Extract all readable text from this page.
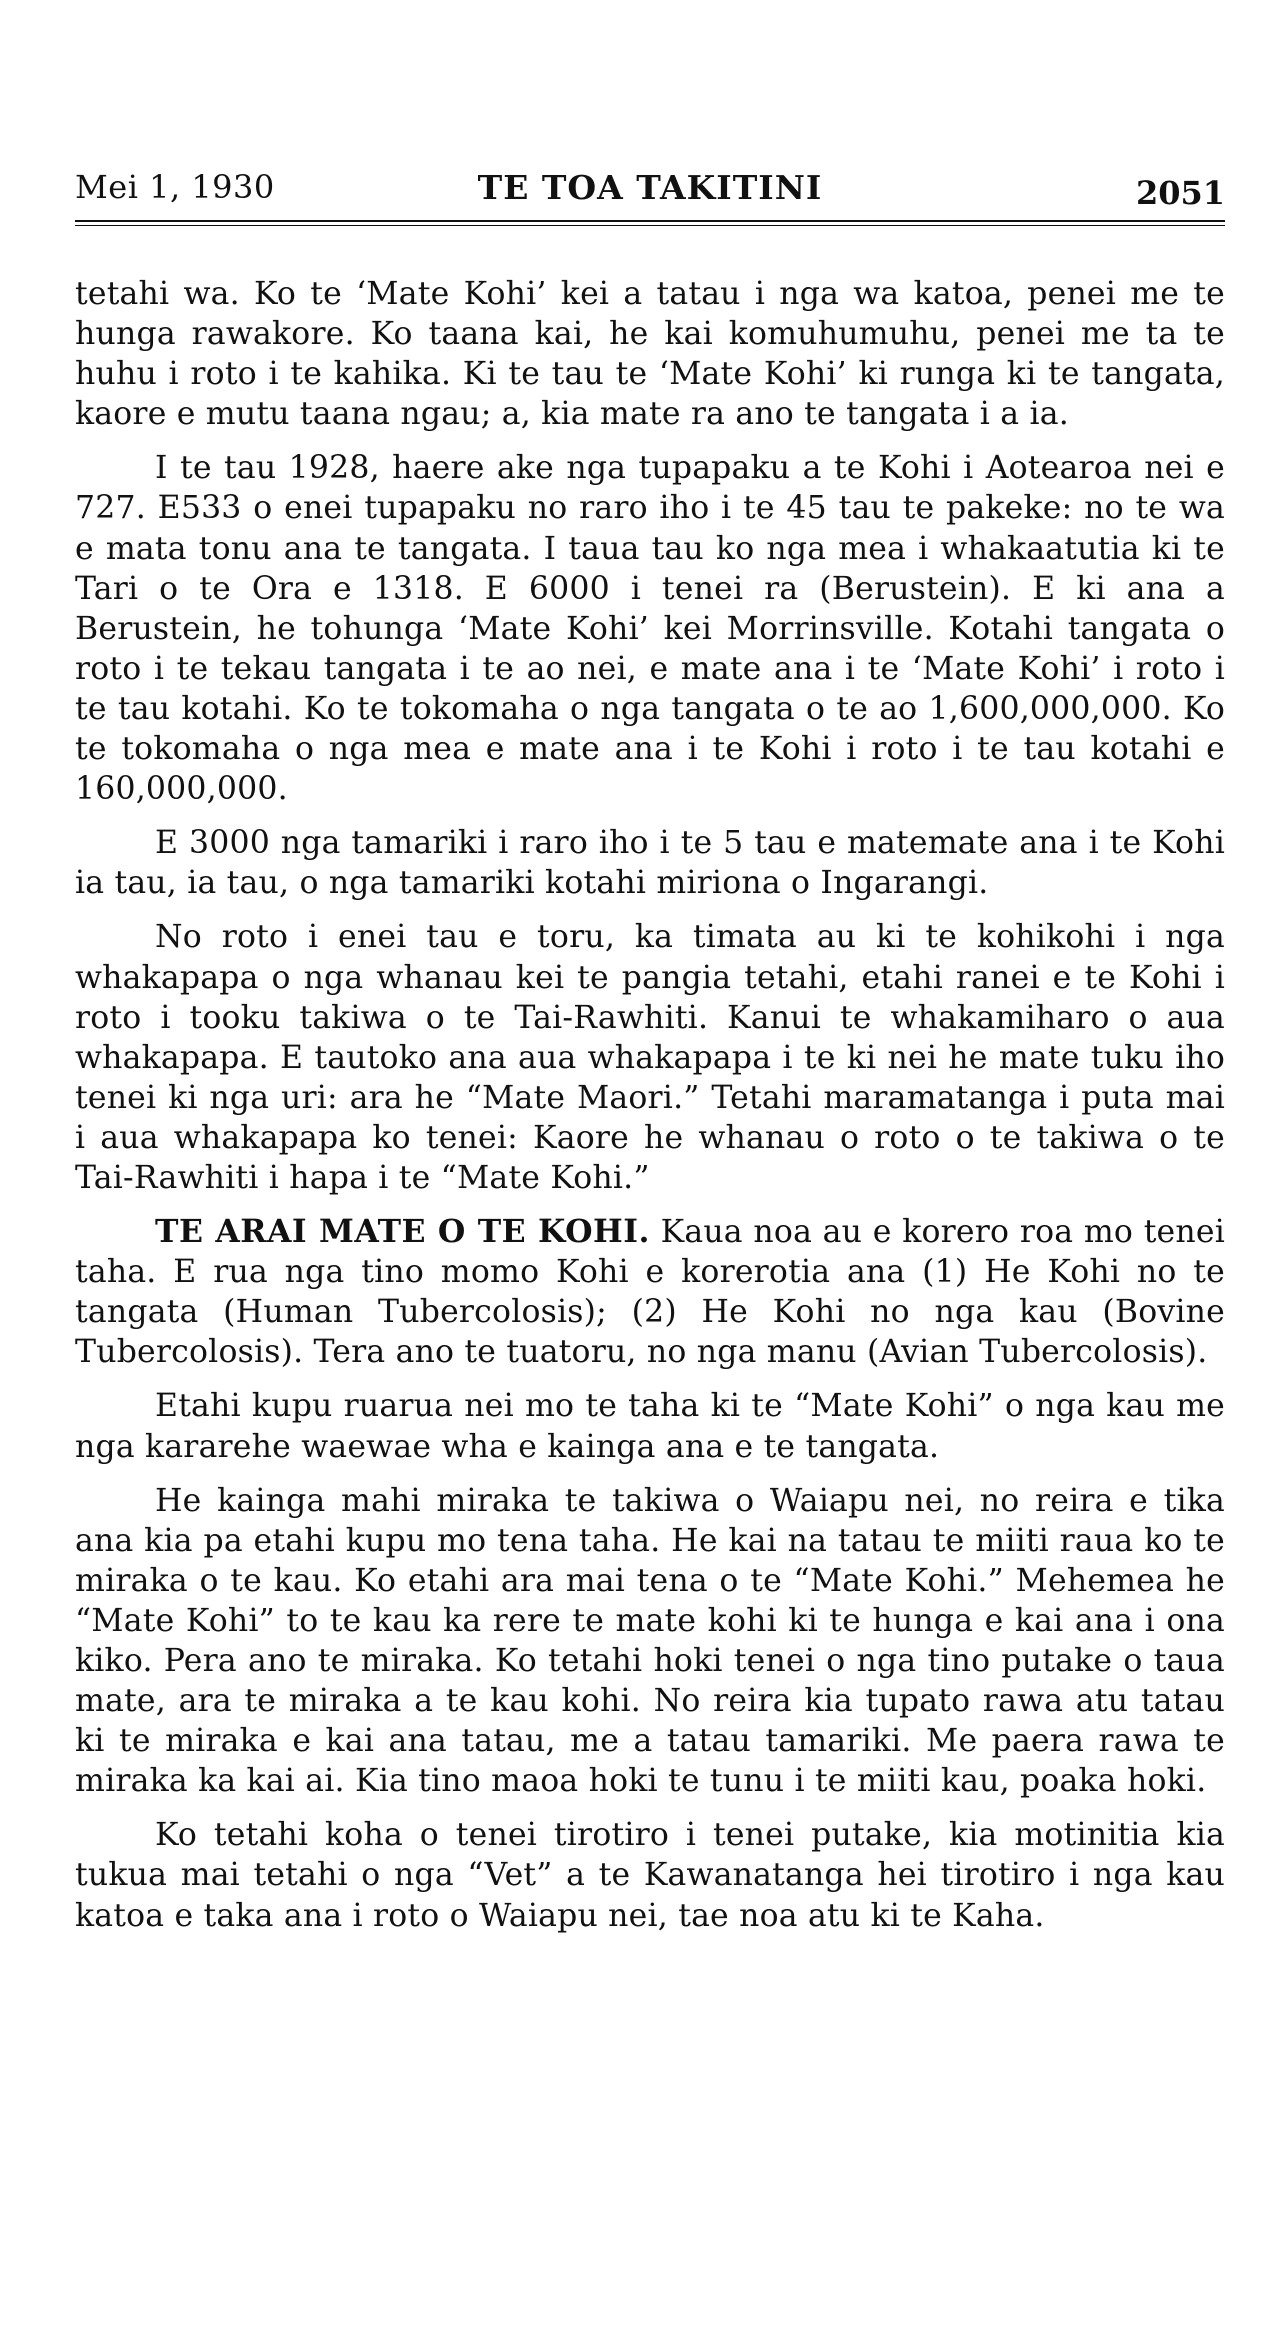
Mei 1, 1930	TE TOA TAKITINI	2051

tetahi wa. Ko te ‘Mate Kohi’ kei a tatau i nga wa katoa, penei me te hunga rawakore. Ko taana kai, he kai komuhumuhu, penei me ta te huhu i roto i te kahika. Ki te tau te ‘Mate Kohi’ ki runga ki te tangata, kaore e mutu taana ngau; a, kia mate ra ano te tangata i a ia.

I te tau 1928, haere ake nga tupapaku a te Kohi i Aotearoa nei e 727. E533 o enei tupapaku no raro iho i te 45 tau te pakeke: no te wa e mata tonu ana te tangata. I taua tau ko nga mea i whakaatutia ki te Tari o te Ora e 1318. E 6000 i tenei ra (Berustein). E ki ana a Berustein, he tohunga ‘Mate Kohi’ kei Morrinsville. Kotahi tangata o roto i te tekau tangata i te ao nei, e mate ana i te ‘Mate Kohi’ i roto i te tau kotahi. Ko te tokomaha o nga tangata o te ao 1,600,000,000. Ko te tokomaha o nga mea e mate ana i te Kohi i roto i te tau kotahi e 160,000,000.

E 3000 nga tamariki i raro iho i te 5 tau e matemate ana i te Kohi ia tau, ia tau, o nga tamariki kotahi miriona o Ingarangi.

No roto i enei tau e toru, ka timata au ki te kohikohi i nga whakapapa o nga whanau kei te pangia tetahi, etahi ranei e te Kohi i roto i tooku takiwa o te Tai-Rawhiti. Kanui te whakamiharo o aua whakapapa. E tautoko ana aua whakapapa i te ki nei he mate tuku iho tenei ki nga uri: ara he “Mate Maori.” Tetahi maramatanga i puta mai i aua whakapapa ko tenei: Kaore he whanau o roto o te takiwa o te Tai-Rawhiti i hapa i te “Mate Kohi.”

TE ARAI MATE O TE KOHI. Kaua noa au e korero roa mo tenei taha. E rua nga tino momo Kohi e korerotia ana (1) He Kohi no te tangata (Human Tubercolosis); (2) He Kohi no nga kau (Bovine Tubercolosis). Tera ano te tuatoru, no nga manu (Avian Tubercolosis).

Etahi kupu ruarua nei mo te taha ki te “Mate Kohi” o nga kau me nga kararehe waewae wha e kainga ana e te tangata.

He kainga mahi miraka te takiwa o Waiapu nei, no reira e tika ana kia pa etahi kupu mo tena taha. He kai na tatau te miiti raua ko te miraka o te kau. Ko etahi ara mai tena o te “Mate Kohi.” Mehemea he “Mate Kohi” to te kau ka rere te mate kohi ki te hunga e kai ana i ona kiko. Pera ano te miraka. Ko tetahi hoki tenei o nga tino putake o taua mate, ara te miraka a te kau kohi. No reira kia tupato rawa atu tatau ki te miraka e kai ana tatau, me a tatau tamariki. Me paera rawa te miraka ka kai ai. Kia tino maoa hoki te tunu i te miiti kau, poaka hoki.

Ko tetahi koha o tenei tirotiro i tenei putake, kia motinitia kia tukua mai tetahi o nga “Vet” a te Kawanatanga hei tirotiro i nga kau katoa e taka ana i roto o Waiapu nei, tae noa atu ki te Kaha.
